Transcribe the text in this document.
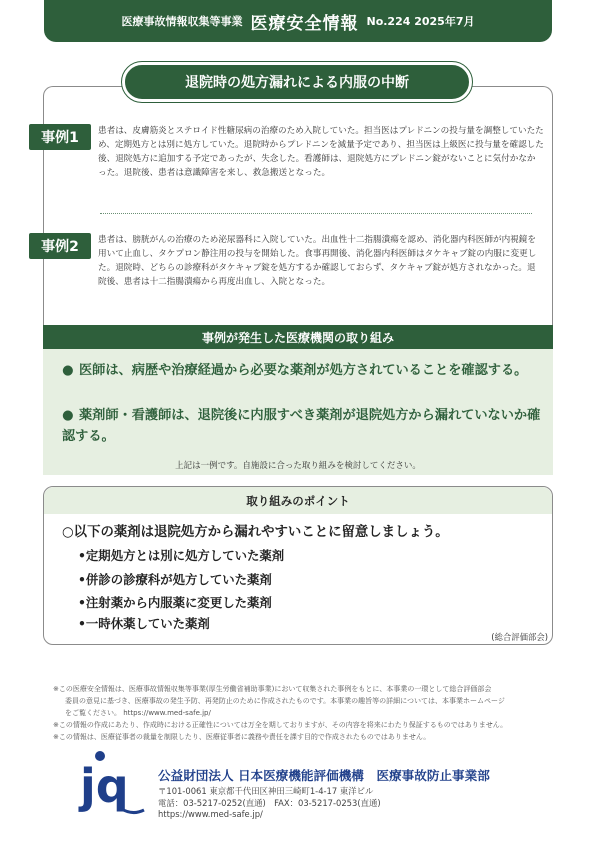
医療事故情報収集等事業 医療安全情報 No.224 2025年7月
退院時の処方漏れによる内服の中断
事例1	患者は、皮膚筋炎とステロイド性糖尿病の治療のため入院していた。担当医はプレドニンの投与量を調整していたため、定期処方とは別に処方していた。退院時からプレドニンを減量予定であり、担当医は上級医に投与量を確認した後、退院処方に追加する予定であったが、失念した。看護師は、退院処方にプレドニン錠がないことに気付かなかった。退院後、患者は意識障害を来し、救急搬送となった。

事例2	患者は、膀胱がんの治療のため泌尿器科に入院していた。出血性十二指腸潰瘍を認め、消化器内科医師が内視鏡を用いて止血し、タケプロン静注用の投与を開始した。食事再開後、消化器内科医師はタケキャブ錠の内服に変更した。退院時、どちらの診療科がタケキャブ錠を処方するか確認しておらず、タケキャブ錠が処方されなかった。退院後、患者は十二指腸潰瘍から再度出血し、入院となった。

事例が発生した医療機関の取り組み

● 医師は、病歴や治療経過から必要な薬剤が処方されていることを確認する。

● 薬剤師・看護師は、退院後に内服すべき薬剤が退院処方から漏れていないか確認する。

上記は一例です。自施設に合った取り組みを検討してください。
取り組みのポイント
○以下の薬剤は退院処方から漏れやすいことに留意しましょう。
•定期処方とは別に処方していた薬剤
•併診の診療科が処方していた薬剤
•注射薬から内服薬に変更した薬剤
•一時休薬していた薬剤
(総合評価部会)

※この医療安全情報は、医療事故情報収集等事業(厚生労働省補助事業)において収集された事例をもとに、本事業の一環として総合評価部会

委員の意見に基づき、医療事故の発生予防、再発防止のために作成されたものです。本事業の趣旨等の詳細については、本事業ホームページ

をご覧ください。 https://www.med-safe.jp/

※この情報の作成にあたり、作成時における正確性については万全を期しておりますが、その内容を将来にわたり保証するものではありません。

※この情報は、医療従事者の裁量を制限したり、医療従事者に義務や責任を課す目的で作成されたものではありません。

jq 公益財団法人 日本医療機能評価機構　医療事故防止事業部
〒101-0061 東京都千代田区神田三崎町1-4-17 東洋ビル
電話：03-5217-0252(直通)　FAX：03-5217-0253(直通)
https://www.med-safe.jp/
